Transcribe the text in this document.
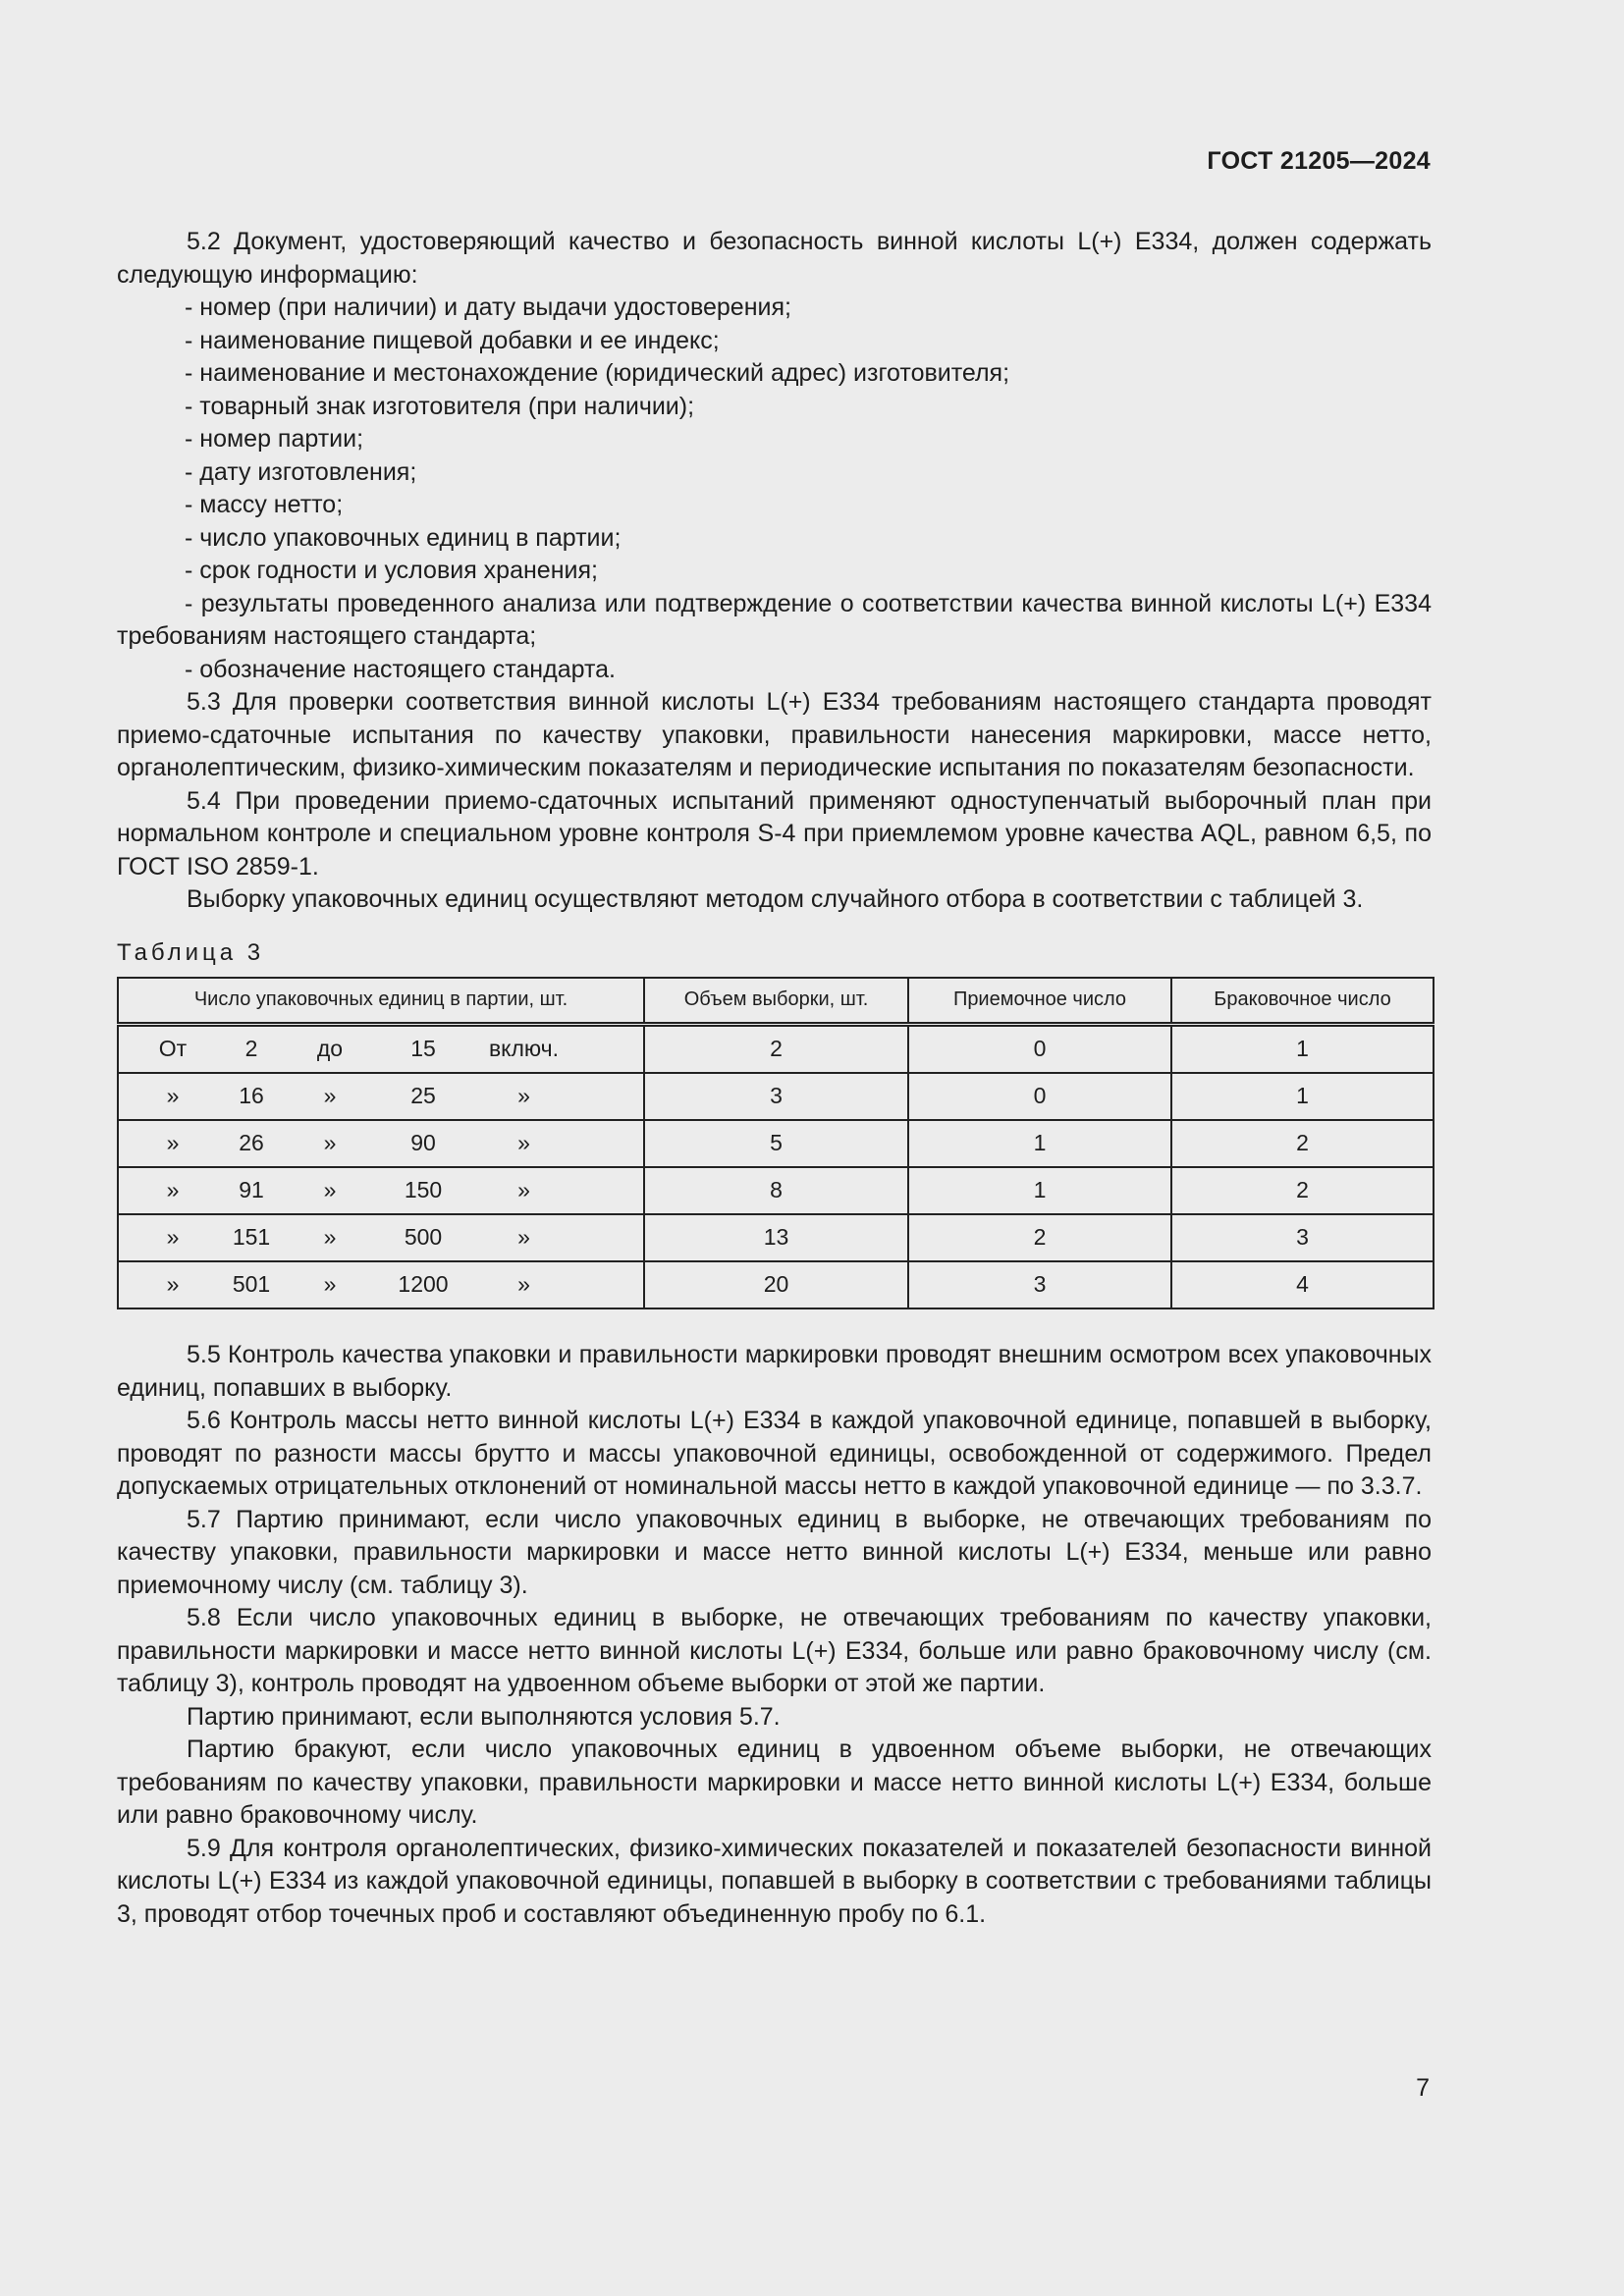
ГОСТ 21205—2024

5.2 Документ, удостоверяющий качество и безопасность винной кислоты L(+) Е334, должен содержать следующую информацию:

- номер (при наличии) и дату выдачи удостоверения;

- наименование пищевой добавки и ее индекс;

- наименование и местонахождение (юридический адрес) изготовителя;

- товарный знак изготовителя (при наличии);

- номер партии;

- дату изготовления;

- массу нетто;

- число упаковочных единиц в партии;

- срок годности и условия хранения;

- результаты проведенного анализа или подтверждение о соответствии качества винной кислоты L(+) Е334 требованиям настоящего стандарта;

- обозначение настоящего стандарта.

5.3 Для проверки соответствия винной кислоты L(+) Е334 требованиям настоящего стандарта проводят приемо-сдаточные испытания по качеству упаковки, правильности нанесения маркировки, массе нетто, органолептическим, физико-химическим показателям и периодические испытания по показателям безопасности.

5.4 При проведении приемо-сдаточных испытаний применяют одноступенчатый выборочный план при нормальном контроле и специальном уровне контроля S-4 при приемлемом уровне качества AQL, равном 6,5, по ГОСТ ISO 2859-1.

Выборку упаковочных единиц осуществляют методом случайного отбора в соответствии с таблицей 3.

Таблица 3
Число упаковочных единиц в партии, шт.	Объем выборки, шт.	Приемочное число	Браковочное число

От 2 до 15 включ.	2	0	1

» 16 » 25 »	3	0	1

» 26 » 90 »	5	1	2

» 91 » 150 »	8	1	2

» 151 » 500 »	13	2	3

» 501 » 1200 »	20	3	4

5.5 Контроль качества упаковки и правильности маркировки проводят внешним осмотром всех упаковочных единиц, попавших в выборку.

5.6 Контроль массы нетто винной кислоты L(+) Е334 в каждой упаковочной единице, попавшей в выборку, проводят по разности массы брутто и массы упаковочной единицы, освобожденной от содержимого. Предел допускаемых отрицательных отклонений от номинальной массы нетто в каждой упаковочной единице — по 3.3.7.

5.7 Партию принимают, если число упаковочных единиц в выборке, не отвечающих требованиям по качеству упаковки, правильности маркировки и массе нетто винной кислоты L(+) Е334, меньше или равно приемочному числу (см. таблицу 3).

5.8 Если число упаковочных единиц в выборке, не отвечающих требованиям по качеству упаковки, правильности маркировки и массе нетто винной кислоты L(+) Е334, больше или равно браковочному числу (см. таблицу 3), контроль проводят на удвоенном объеме выборки от этой же партии.

Партию принимают, если выполняются условия 5.7.

Партию бракуют, если число упаковочных единиц в удвоенном объеме выборки, не отвечающих требованиям по качеству упаковки, правильности маркировки и массе нетто винной кислоты L(+) Е334, больше или равно браковочному числу.

5.9 Для контроля органолептических, физико-химических показателей и показателей безопасности винной кислоты L(+) Е334 из каждой упаковочной единицы, попавшей в выборку в соответствии с требованиями таблицы 3, проводят отбор точечных проб и составляют объединенную пробу по 6.1.

7
